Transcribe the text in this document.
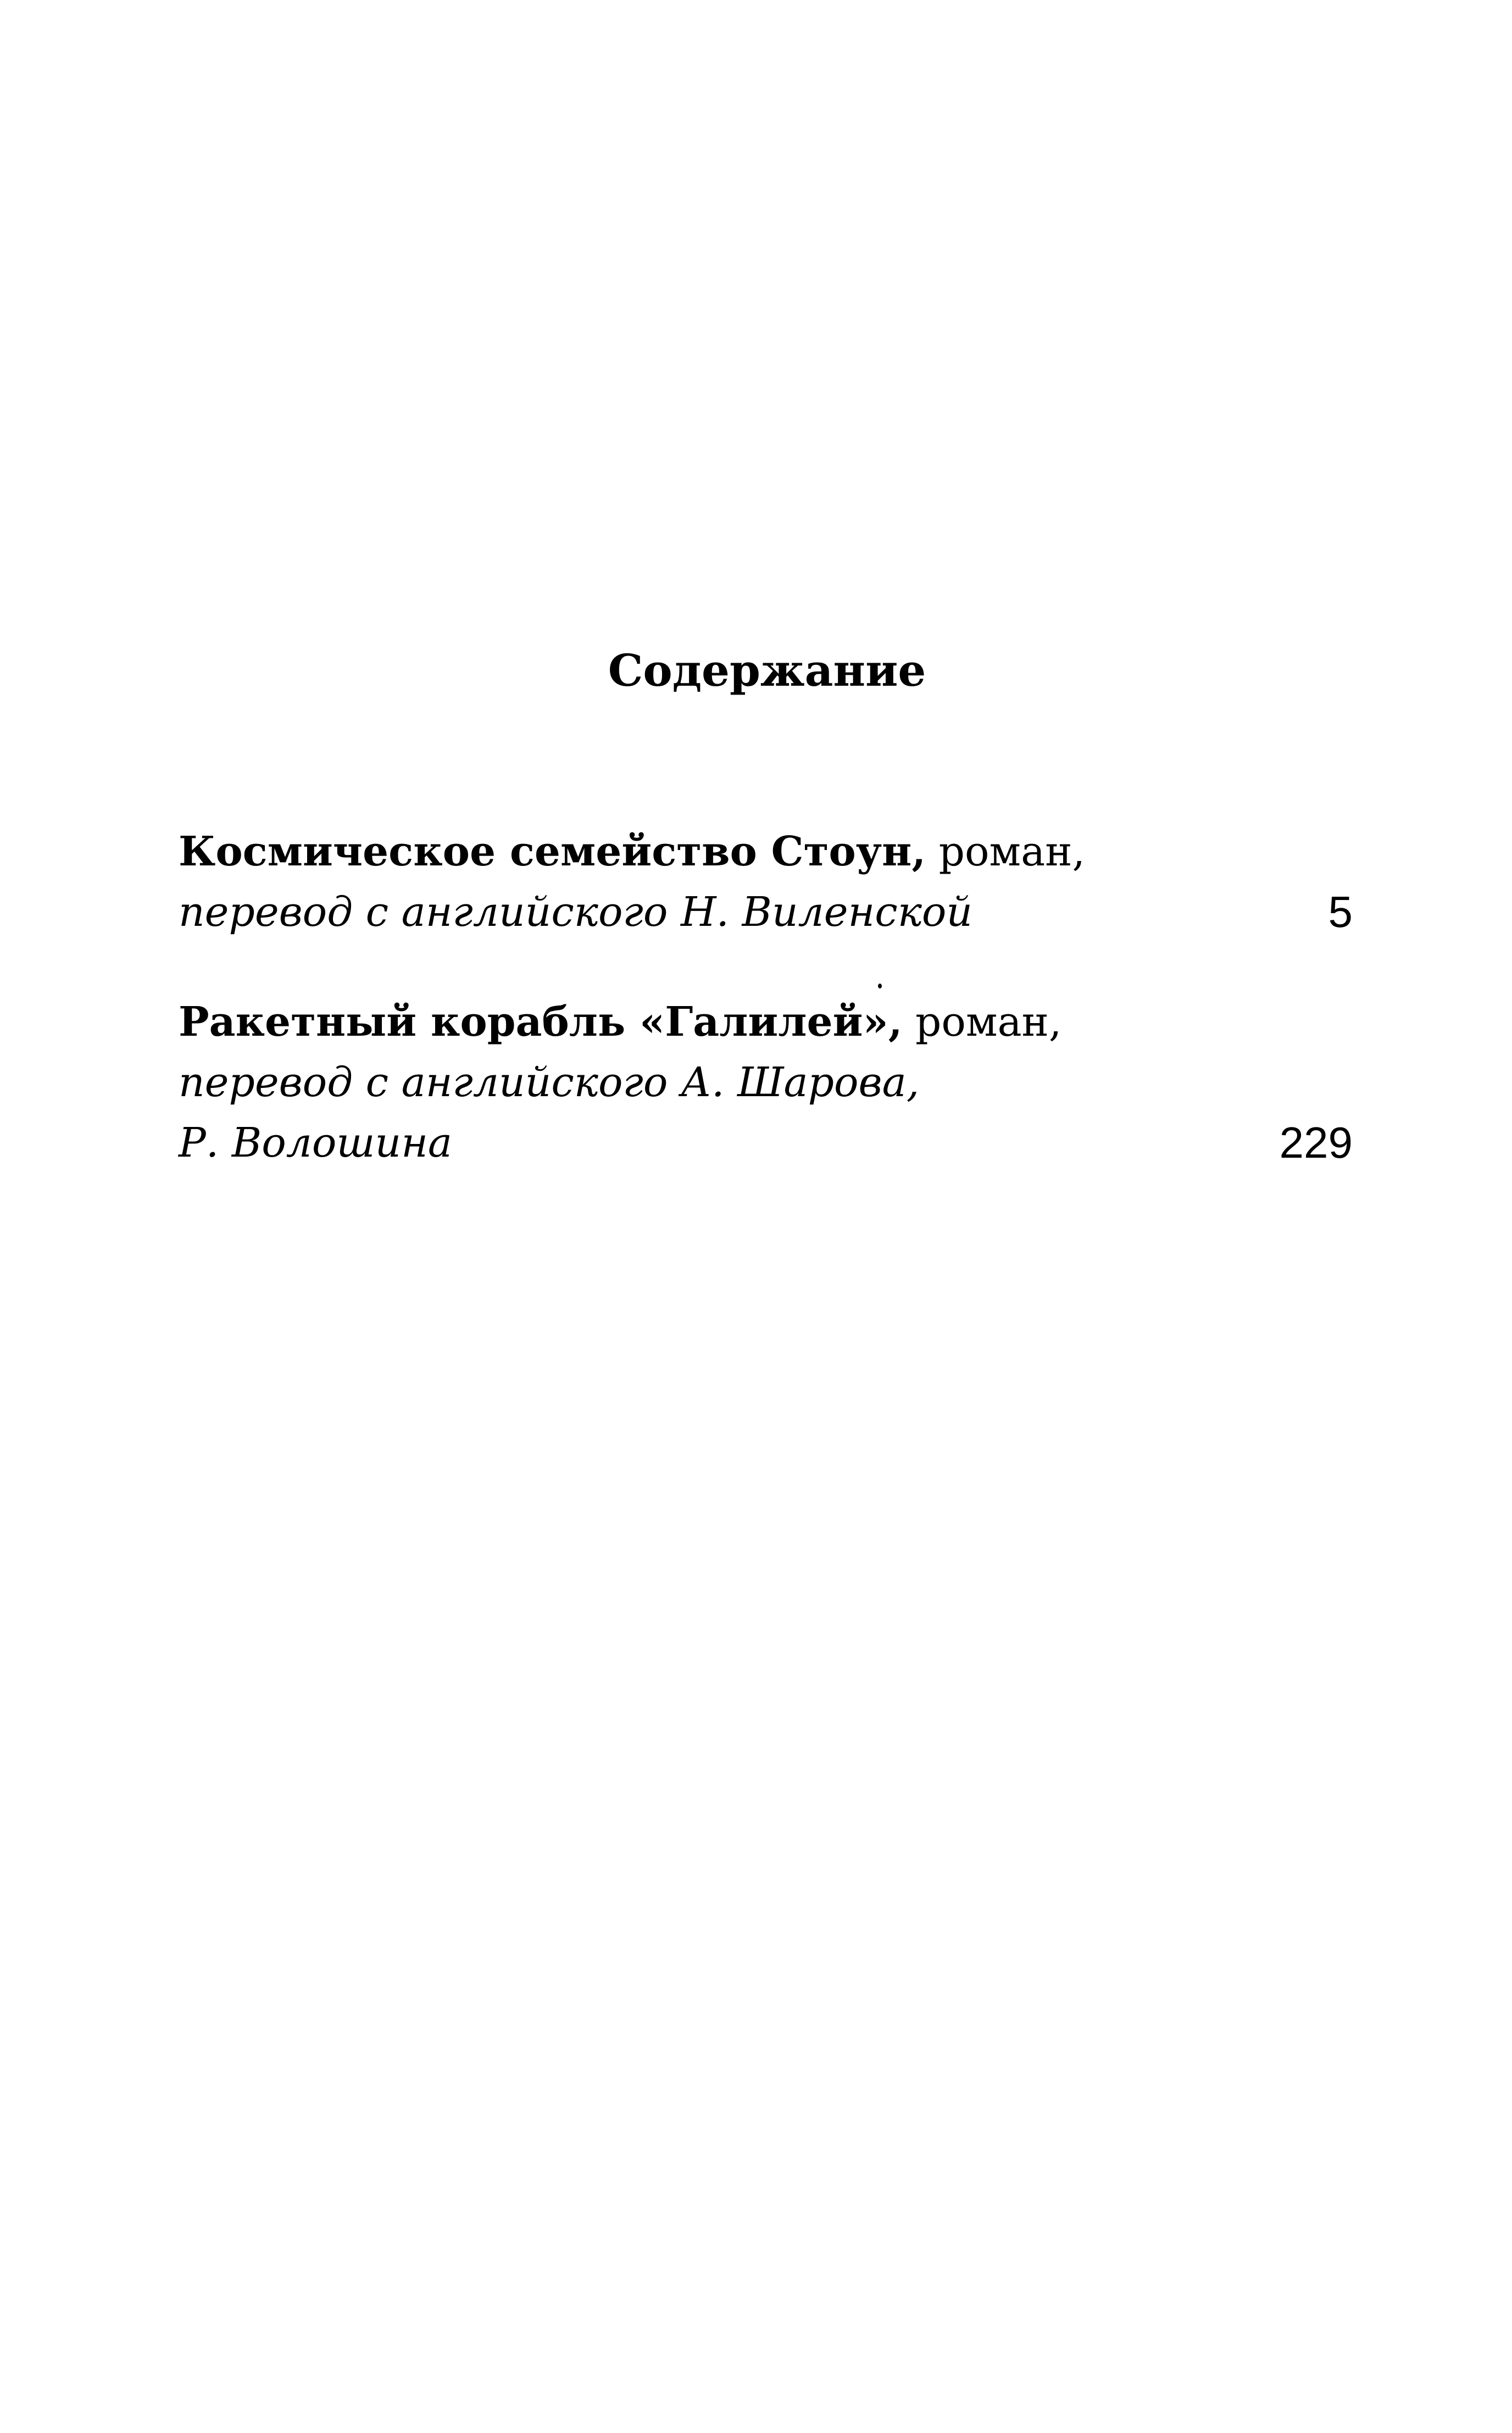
Содержание
Космическое семейство Стоун, роман,
перевод с английского Н. Виленской	5
Ракетный корабль «Галилей», роман,
перевод с английского А. Шарова,
Р. Волошина	229
